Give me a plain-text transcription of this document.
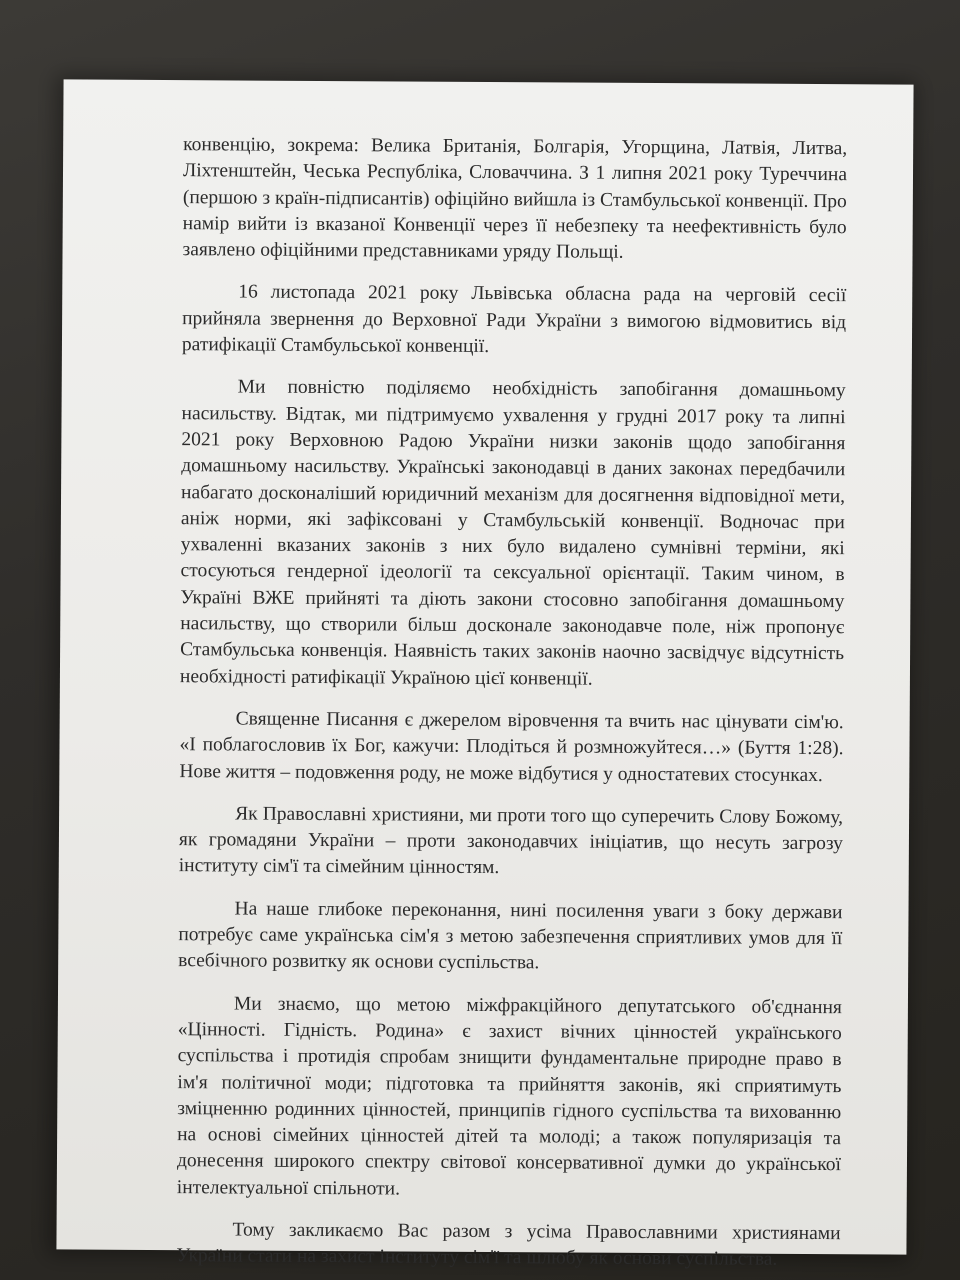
конвенцію, зокрема: Велика Британія, Болгарія, Угорщина, Латвія, Литва, Ліхтенштейн, Чеська Республіка, Словаччина. З 1 липня 2021 року Туреччина (першою з країн-підписантів) офіційно вийшла із Стамбульської конвенції. Про намір вийти із вказаної Конвенції через її небезпеку та неефективність було заявлено офіційними представниками уряду Польщі.

16 листопада 2021 року Львівська обласна рада на черговій сесії прийняла звернення до Верховної Ради України з вимогою відмовитись від ратифікації Стамбульської конвенції.

Ми повністю поділяємо необхідність запобігання домашньому насильству. Відтак, ми підтримуємо ухвалення у грудні 2017 року та липні 2021 року Верховною Радою України низки законів щодо запобігання домашньому насильству. Українські законодавці в даних законах передбачили набагато досконаліший юридичний механізм для досягнення відповідної мети, аніж норми, які зафіксовані у Стамбульській конвенції. Водночас при ухваленні вказаних законів з них було видалено сумнівні терміни, які стосуються гендерної ідеології та сексуальної орієнтації. Таким чином, в Україні ВЖЕ прийняті та діють закони стосовно запобігання домашньому насильству, що створили більш досконале законодавче поле, ніж пропонує Стамбульська конвенція. Наявність таких законів наочно засвідчує відсутність необхідності ратифікації Україною цієї конвенції.

Священне Писання є джерелом віровчення та вчить нас цінувати сім'ю. «І поблагословив їх Бог, кажучи: Плодіться й розмножуйтеся…» (Буття 1:28). Нове життя – подовження роду, не може відбутися у одностатевих стосунках.

Як Православні християни, ми проти того що суперечить Слову Божому, як громадяни України – проти законодавчих ініціатив, що несуть загрозу інституту сім'ї та сімейним цінностям.

На наше глибоке переконання, нині посилення уваги з боку держави потребує саме українська сім'я з метою забезпечення сприятливих умов для її всебічного розвитку як основи суспільства.

Ми знаємо, що метою міжфракційного депутатського об'єднання «Цінності. Гідність. Родина» є захист вічних цінностей українського суспільства і протидія спробам знищити фундаментальне природне право в ім'я політичної моди; підготовка та прийняття законів, які сприятимуть зміцненню родинних цінностей, принципів гідного суспільства та вихованню на основі сімейних цінностей дітей та молоді; а також популяризація та донесення широкого спектру світової консервативної думки до української інтелектуальної спільноти.

Тому закликаємо Вас разом з усіма Православними християнами України стати на захист інституту сім'ї та шлюбу як основи суспільства.
